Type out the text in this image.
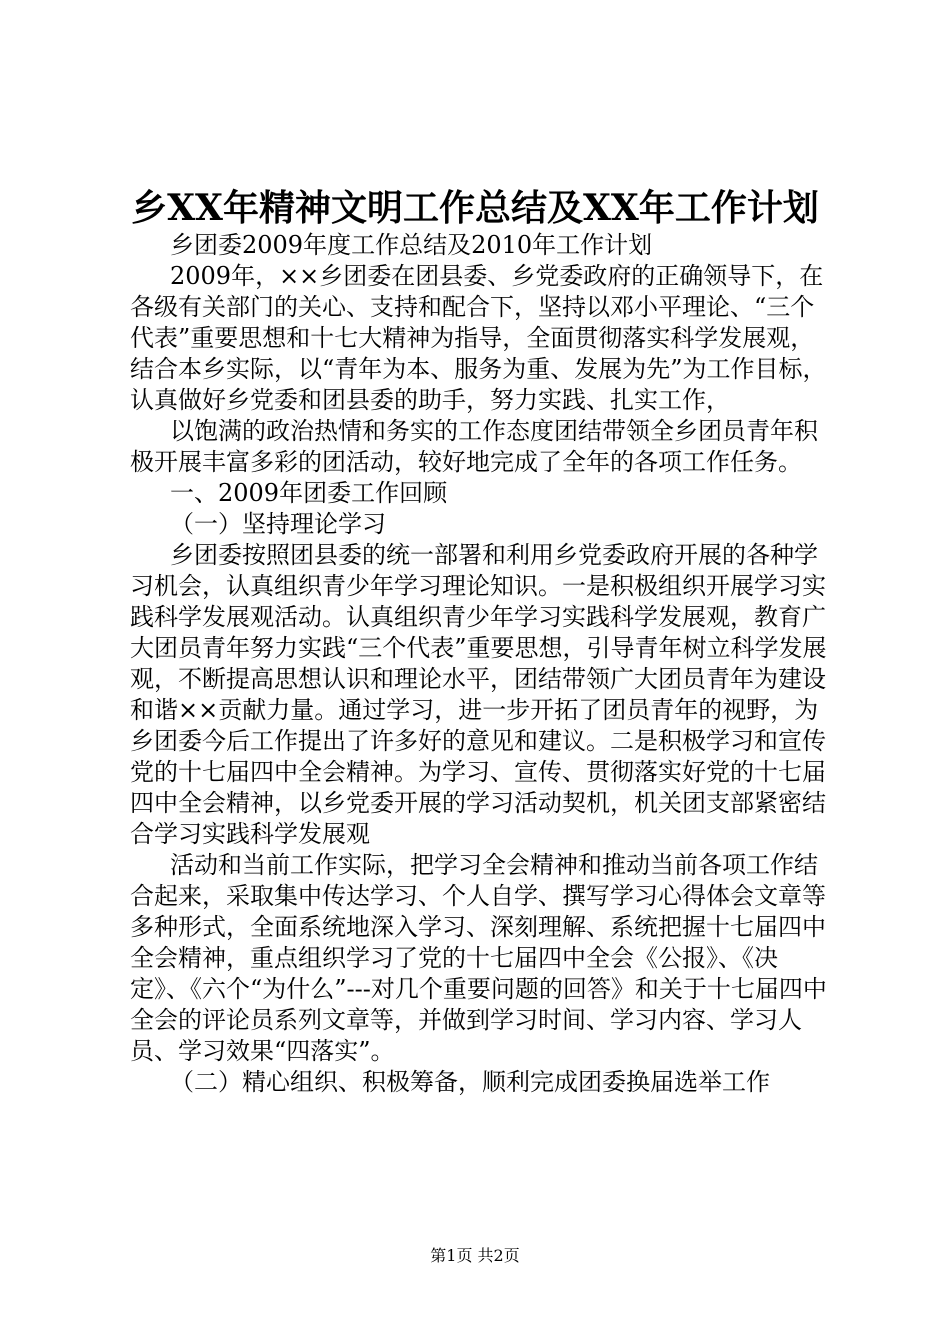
乡XX年精神文明工作总结及XX年工作计划

乡团委2009年度工作总结及2010年工作计划

2009年，××乡团委在团县委、乡党委政府的正确领导下，在各级有关部门的关心、支持和配合下，坚持以邓小平理论、“三个代表”重要思想和十七大精神为指导，全面贯彻落实科学发展观，结合本乡实际，以“青年为本、服务为重、发展为先”为工作目标，认真做好乡党委和团县委的助手，努力实践、扎实工作，

以饱满的政治热情和务实的工作态度团结带领全乡团员青年积极开展丰富多彩的团活动，较好地完成了全年的各项工作任务。

一、2009年团委工作回顾

（一）坚持理论学习

乡团委按照团县委的统一部署和利用乡党委政府开展的各种学习机会，认真组织青少年学习理论知识。一是积极组织开展学习实践科学发展观活动。认真组织青少年学习实践科学发展观，教育广大团员青年努力实践“三个代表”重要思想，引导青年树立科学发展观，不断提高思想认识和理论水平，团结带领广大团员青年为建设和谐××贡献力量。通过学习，进一步开拓了团员青年的视野，为乡团委今后工作提出了许多好的意见和建议。二是积极学习和宣传党的十七届四中全会精神。为学习、宣传、贯彻落实好党的十七届四中全会精神，以乡党委开展的学习活动契机，机关团支部紧密结合学习实践科学发展观

活动和当前工作实际，把学习全会精神和推动当前各项工作结合起来，采取集中传达学习、个人自学、撰写学习心得体会文章等多种形式，全面系统地深入学习、深刻理解、系统把握十七届四中全会精神，重点组织学习了党的十七届四中全会《公报》、《决定》、《六个“为什么”---对几个重要问题的回答》和关于十七届四中全会的评论员系列文章等，并做到学习时间、学习内容、学习人员、学习效果“四落实”。

（二）精心组织、积极筹备，顺利完成团委换届选举工作

第1页 共2页
